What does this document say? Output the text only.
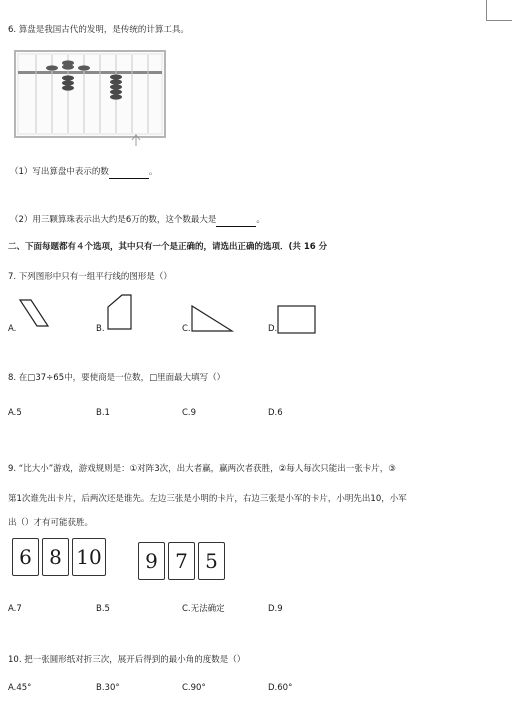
6. 算盘是我国古代的发明，是传统的计算工具。
（1）写出算盘中表示的数	。
（2）用三颗算珠表示出大约是6万的数，这个数最大是	。
二、下面每题都有４个选项，其中只有一个是正确的，请选出正确的选项．(共 16 分
7. 下列图形中只有一组平行线的图形是（）
A.	B.	C.	D.
8. 在□37÷65中，要使商是一位数，□里面最大填写（）
A.5	B.1	C.9	D.6
9. “比大小”游戏，游戏规则是：①对阵3次，出大者赢，赢两次者获胜，②每人每次只能出一张卡片，③
第1次谁先出卡片，后两次还是谁先。左边三张是小明的卡片，右边三张是小军的卡片，小明先出10，小军
出（）才有可能获胜。
6 8 10	9 7 5
A.7	B.5	C.无法确定	D.9
10. 把一张圆形纸对折三次，展开后得到的最小角的度数是（）
A.45°	B.30°	C.90°	D.60°
